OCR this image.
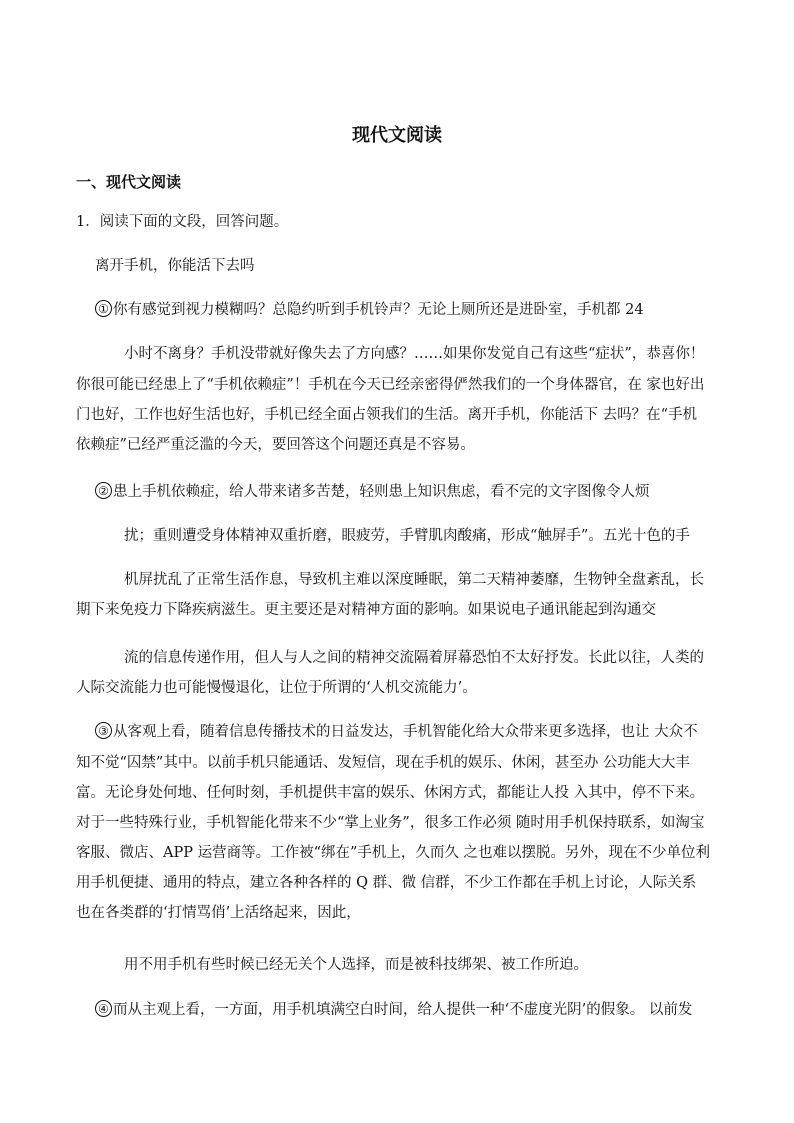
现代文阅读
一、现代文阅读
1．阅读下面的文段，回答问题。
离开手机，你能活下去吗
① 你有感觉到视力模糊吗？总隐约听到手机铃声？无论上厕所还是进卧室，手机都 24
小时不离身？手机没带就好像失去了方向感？……如果你发觉自己有这些“症状”，恭喜你！
你很可能已经患上了“手机依赖症”！手机在今天已经亲密得俨然我们的一个身体器官，在 家也好出
门也好，工作也好生活也好，手机已经全面占领我们的生活。离开手机，你能活下 去吗？在“手机
依赖症”已经严重泛滥的今天，要回答这个问题还真是不容易。
② 患上手机依赖症，给人带来诸多苦楚，轻则患上知识焦虑，看不完的文字图像令人烦
扰；重则遭受身体精神双重折磨，眼疲劳，手臂肌肉酸痛，形成“触屏手”。五光十色的手
机屏扰乱了正常生活作息，导致机主难以深度睡眠，第二天精神萎靡，生物钟全盘紊乱，长
期下来免疫力下降疾病滋生。更主要还是对精神方面的影响。如果说电子通讯能起到沟通交
流的信息传递作用，但人与人之间的精神交流隔着屏幕恐怕不太好抒发。长此以往，人类的
人际交流能力也可能慢慢退化，让位于所谓的‘人机交流能力’。
③ 从客观上看，随着信息传播技术的日益发达，手机智能化给大众带来更多选择，也让 大众不
知不觉“囚禁”其中。以前手机只能通话、发短信，现在手机的娱乐、休闲，甚至办 公功能大大丰
富。无论身处何地、任何时刻，手机提供丰富的娱乐、休闲方式，都能让人投 入其中，停不下来。
对于一些特殊行业，手机智能化带来不少“掌上业务”，很多工作必须 随时用手机保持联系，如淘宝
客服、微店、APP 运营商等。工作被“绑在”手机上，久而久 之也难以摆脱。另外，现在不少单位利
用手机便捷、通用的特点，建立各种各样的 Q 群、微 信群，不少工作都在手机上讨论，人际关系
也在各类群的‘打情骂俏’上活络起来，因此，
用不用手机有些时候已经无关个人选择，而是被科技绑架、被工作所迫。
④ 而从主观上看，一方面，用手机填满空白时间，给人提供一种‘不虚度光阴’的假象。 以前发
